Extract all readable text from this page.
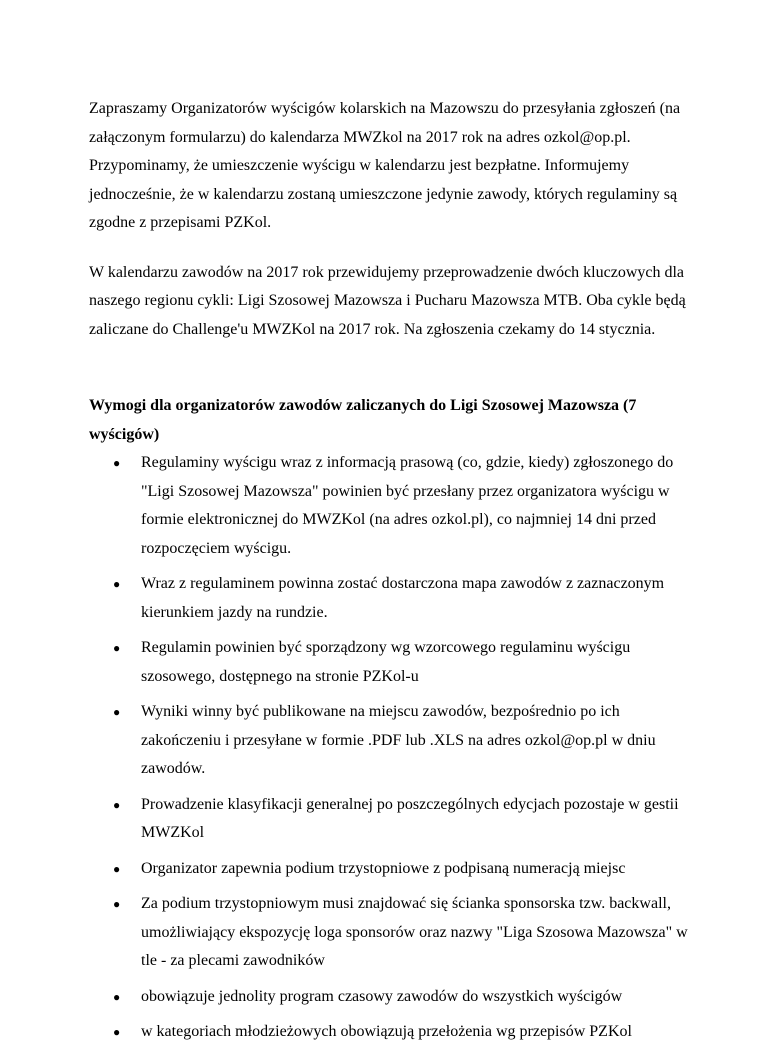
Zapraszamy Organizatorów wyścigów kolarskich na Mazowszu do przesyłania zgłoszeń (na załączonym formularzu) do kalendarza MWZkol na 2017 rok na adres ozkol@op.pl. Przypominamy, że umieszczenie wyścigu w kalendarzu jest bezpłatne. Informujemy jednocześnie, że w kalendarzu zostaną umieszczone jedynie zawody, których regulaminy są zgodne z przepisami PZKol.

W kalendarzu zawodów na 2017 rok przewidujemy przeprowadzenie dwóch kluczowych dla naszego regionu cykli: Ligi Szosowej Mazowsza i Pucharu Mazowsza MTB. Oba cykle będą zaliczane do Challenge'u MWZKol na 2017 rok. Na zgłoszenia czekamy do 14 stycznia.

Wymogi dla organizatorów zawodów zaliczanych do Ligi Szosowej Mazowsza (7 wyścigów)

● Regulaminy wyścigu wraz z informacją prasową (co, gdzie, kiedy) zgłoszonego do "Ligi Szosowej Mazowsza" powinien być przesłany przez organizatora wyścigu w formie elektronicznej do MWZKol (na adres ozkol.pl), co najmniej 14 dni przed rozpoczęciem wyścigu.
● Wraz z regulaminem powinna zostać dostarczona mapa zawodów z zaznaczonym kierunkiem jazdy na rundzie.
● Regulamin powinien być sporządzony wg wzorcowego regulaminu wyścigu szosowego, dostępnego na stronie PZKol-u
● Wyniki winny być publikowane na miejscu zawodów, bezpośrednio po ich zakończeniu i przesyłane w formie .PDF lub .XLS na adres ozkol@op.pl w dniu zawodów.
● Prowadzenie klasyfikacji generalnej po poszczególnych edycjach pozostaje w gestii MWZKol
● Organizator zapewnia podium trzystopniowe z podpisaną numeracją miejsc
● Za podium trzystopniowym musi znajdować się ścianka sponsorska tzw. backwall, umożliwiający ekspozycję loga sponsorów oraz nazwy "Liga Szosowa Mazowsza" w tle - za plecami zawodników
● obowiązuje jednolity program czasowy zawodów do wszystkich wyścigów
● w kategoriach młodzieżowych obowiązują przełożenia wg przepisów PZKol
